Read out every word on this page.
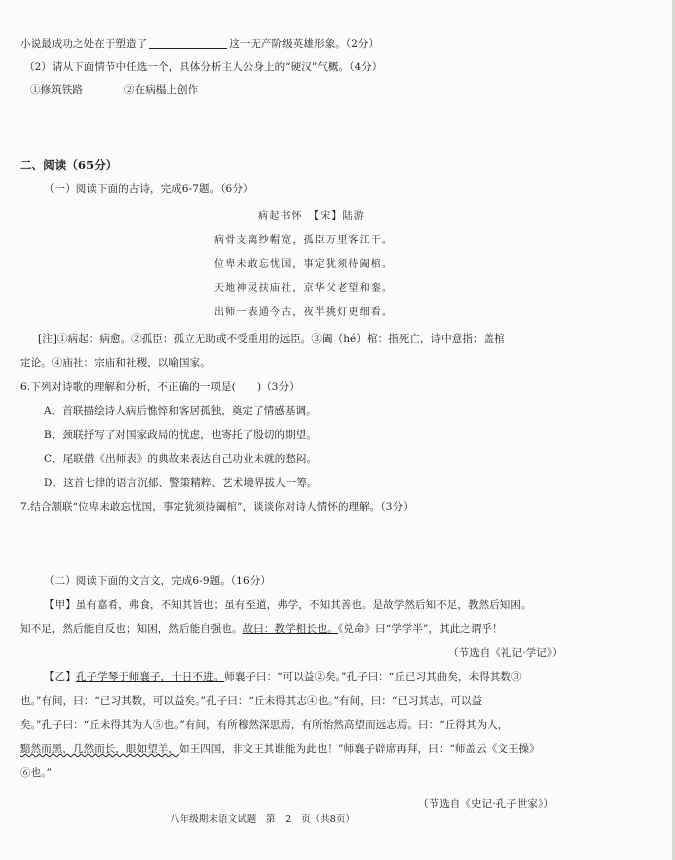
小说最成功之处在于塑造了	这一无产阶级英雄形象。（2分）
（2）请从下面情节中任选一个，具体分析主人公身上的“硬汉”气概。（4分）
①修筑铁路	②在病榻上创作
二、阅读（65分）
（一）阅读下面的古诗，完成6-7题。（6分）
病起书怀　【宋】陆游
病骨支离纱帽宽，孤臣万里客江干。
位卑未敢忘忧国，事定犹须待阖棺。
天地神灵扶庙社，京华父老望和銮。
出师一表通今古，夜半挑灯更细看。
[注]①病起：病愈。②孤臣：孤立无助或不受重用的远臣。③阖（hé）棺：指死亡，诗中意指：盖棺
定论。④庙社：宗庙和社稷，以喻国家。
6.下列对诗歌的理解和分析，不正确的一项是(　　)（3分）
A．首联描绘诗人病后憔悴和客居孤独，奠定了情感基调。
B．颈联抒写了对国家政局的忧虑，也寄托了殷切的期望。
C．尾联借《出师表》的典故来表达自己功业未就的愁闷。
D．这首七律的语言沉郁、警策精粹、艺术境界拔人一筹。
7.结合颔联“位卑未敢忘忧国，事定犹须待阖棺”，谈谈你对诗人情怀的理解。（3分）
（二）阅读下面的文言文，完成6-9题。（16分）
【甲】虽有嘉肴，弗食，不知其旨也；虽有至道，弗学，不知其善也。是故学然后知不足，教然后知困。
知不足，然后能自反也；知困，然后能自强也。故曰：教学相长也。《兑命》曰“学学半”，其此之谓乎！
（节选自《礼记·学记》）
【乙】孔子学琴于师襄子，十日不进。师襄子曰：“可以益②矣。”孔子曰：“丘已习其曲矣，未得其数③
也。”有间，曰：“已习其数，可以益矣。”孔子曰：“丘未得其志④也。”有间，曰：“已习其志，可以益
矣。”孔子曰：“丘未得其为人⑤也。”有间，有所穆然深思焉，有所怡然高望而远志焉。曰：“丘得其为人，
黯然而黑，几然而长，眼如望羊，如王四国，非文王其谁能为此也！”师襄子辟席再拜，曰：“师盖云《文王操》
⑥也。”
（节选自《史记·孔子世家》）
八年级期末语文试题　第　2　页（共8页）
